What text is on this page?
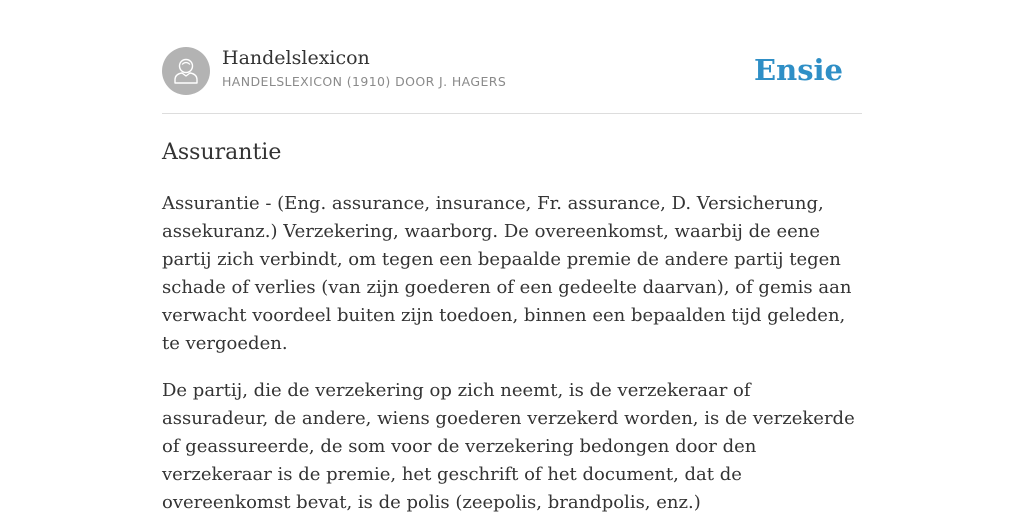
Handelslexicon
HANDELSLEXICON (1910) DOOR J. HAGERS	Ensie
Assurantie

Assurantie - (Eng. assurance, insurance, Fr. assurance, D. Versicherung, assekuranz.) Verzekering, waarborg. De overeenkomst, waarbij de eene partij zich verbindt, om tegen een bepaalde premie de andere partij tegen schade of verlies (van zijn goederen of een gedeelte daarvan), of gemis aan verwacht voordeel buiten zijn toedoen, binnen een bepaalden tijd geleden, te vergoeden.

De partij, die de verzekering op zich neemt, is de verzekeraar of assuradeur, de andere, wiens goederen verzekerd worden, is de verzekerde of geassureerde, de som voor de verzekering bedongen door den verzekeraar is de premie, het geschrift of het document, dat de overeenkomst bevat, is de polis (zeepolis, brandpolis, enz.)
